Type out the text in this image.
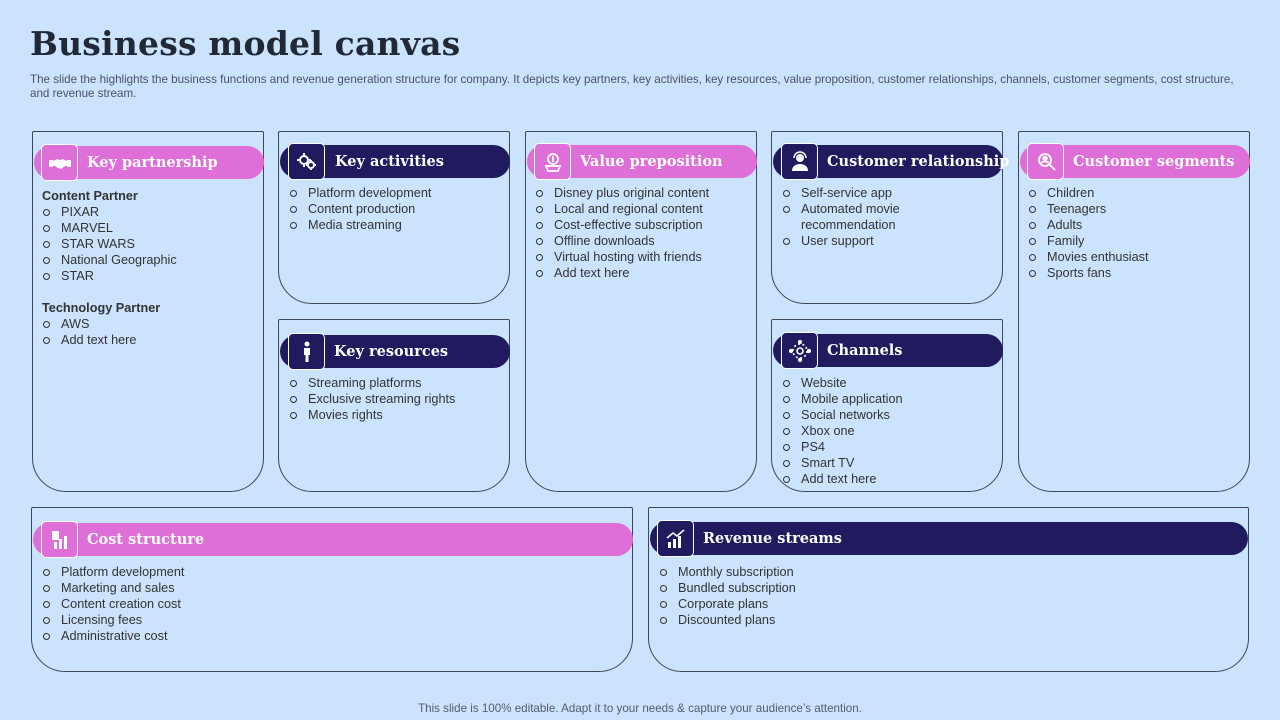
Business model canvas
The slide the highlights the business functions and revenue generation structure for company. It depicts key partners, key activities, key resources, value proposition, customer relationships, channels, customer segments, cost structure, and revenue stream.
Key partnership
Content Partner
PIXAR
MARVEL
STAR WARS
National Geographic
STAR
Technology Partner
AWS
Add text here
Key activities
Platform development
Content production
Media streaming
Key resources
Streaming platforms
Exclusive streaming rights
Movies rights
Value preposition
Disney plus original content
Local and regional content
Cost-effective subscription
Offline downloads
Virtual hosting with friends
Add text here
Customer relationship
Self-service app
Automated movie recommendation
User support
Channels
Website
Mobile application
Social networks
Xbox one
PS4
Smart TV
Add text here
Customer segments
Children
Teenagers
Adults
Family
Movies enthusiast
Sports fans
Cost structure
Platform development
Marketing and sales
Content creation cost
Licensing fees
Administrative cost
Revenue streams
Monthly subscription
Bundled subscription
Corporate plans
Discounted plans
This slide is 100% editable. Adapt it to your needs & capture your audience’s attention.
